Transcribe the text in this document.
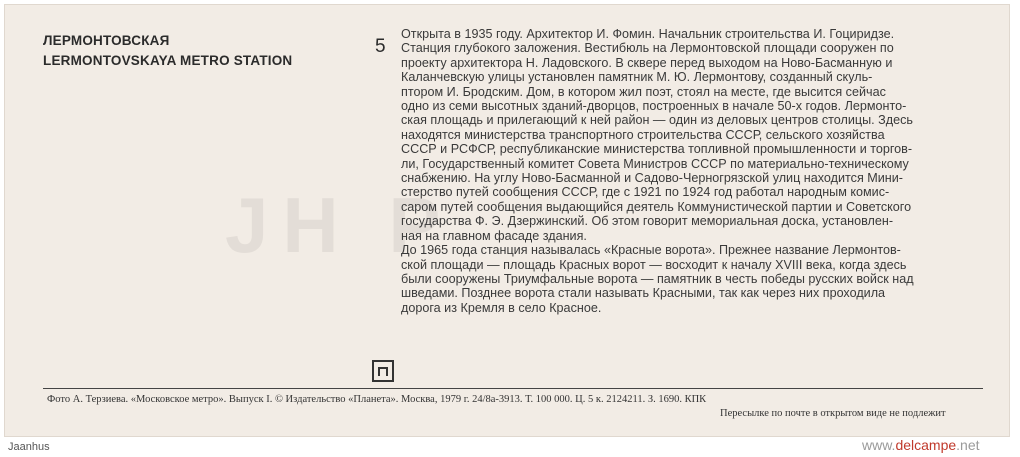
JH P
ЛЕРМОНТОВСКАЯ
LERMONTOVSKAYA METRO STATION
5

Открыта в 1935 году. Архитектор И. Фомин. Начальник строительства И. Гоциридзе.

Станция глубокого заложения. Вестибюль на Лермонтовской площади сооружен по

проекту архитектора Н. Ладовского. В сквере перед выходом на Ново-Басманную и

Каланчевскую улицы установлен памятник М. Ю. Лермонтову, созданный скуль-

птором И. Бродским. Дом, в котором жил поэт, стоял на месте, где высится сейчас

одно из семи высотных зданий-дворцов, построенных в начале 50-х годов. Лермонто-

ская площадь и прилегающий к ней район — один из деловых центров столицы. Здесь

находятся министерства транспортного строительства СССР, сельского хозяйства

СССР и РСФСР, республиканские министерства топливной промышленности и торгов-

ли, Государственный комитет Совета Министров СССР по материально-техническому

снабжению. На углу Ново-Басманной и Садово-Черногрязской улиц находится Мини-

стерство путей сообщения СССР, где с 1921 по 1924 год работал народным комис-

саром путей сообщения выдающийся деятель Коммунистической партии и Советского

государства Ф. Э. Дзержинский. Об этом говорит мемориальная доска, установлен-

ная на главном фасаде здания.

До 1965 года станция называлась «Красные ворота». Прежнее название Лермонтов-

ской площади — площадь Красных ворот — восходит к началу XVIII века, когда здесь

были сооружены Триумфальные ворота — памятник в честь победы русских войск над

шведами. Позднее ворота стали называть Красными, так как через них проходила

дорога из Кремля в село Красное.

Фото А. Терзиева. «Московское метро». Выпуск I. © Издательство «Планета». Москва, 1979 г. 24/8а-3913. Т. 100 000. Ц. 5 к. 2124211. З. 1690. КПК
Пересылке по почте в открытом виде не подлежит
Jaanhus	www.delcampe.net
